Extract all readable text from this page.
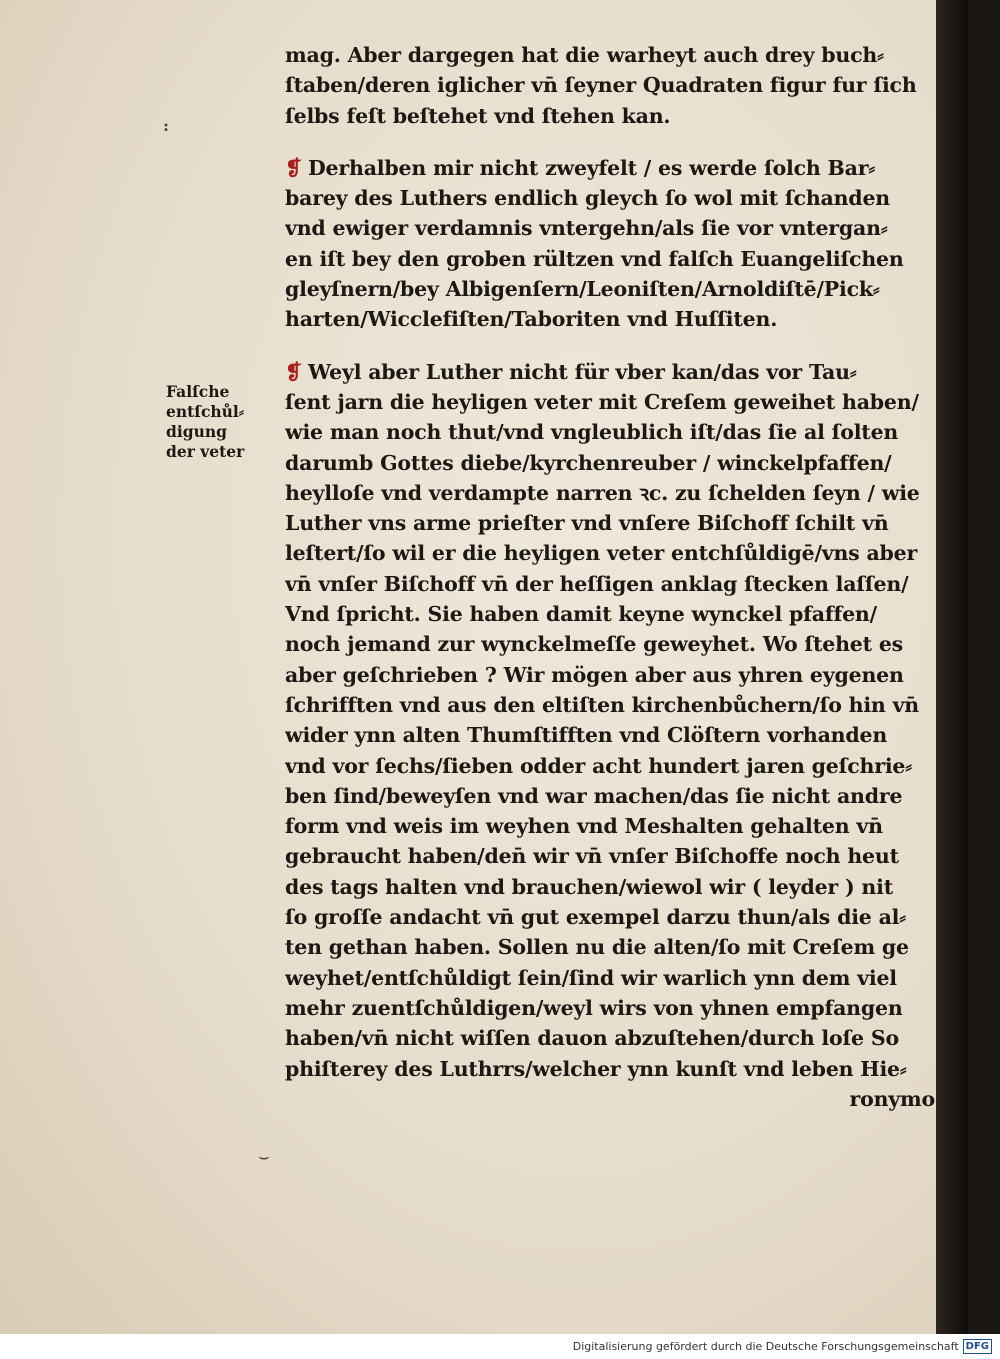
꞉
Falſche
entſchůl⸗
digung
der veter
mag. Aber dargegen hat die warheyt auch drey buch⸗
ſtaben/deren iglicher vn̄ ſeyner Quadraten figur fur ſich
ſelbs feſt beſtehet vnd ſtehen kan.
❡ Derhalben mir nicht zweyfelt / es werde ſolch Bar⸗
barey des Luthers endlich gleych ſo wol mit ſchanden
vnd ewiger verdamnis vntergehn/als ſie vor vntergan⸗
en iſt bey den groben rültzen vnd falſch Euangeliſchen
gleyſnern/bey Albigenſern/Leoniſten/Arnoldiſtē/Pick⸗
harten/Wicclefiſten/Taboriten vnd Huſſiten.
❡ Weyl aber Luther nicht für vber kan/das vor Tau⸗
ſent jarn die heyligen veter mit Creſem geweihet haben/
wie man noch thut/vnd vngleublich iſt/das ſie al ſolten
darumb Gottes diebe/kyrchenreuber / winckelpfaffen/
heylloſe vnd verdampte narren ꝛc. zu ſchelden ſeyn / wie
Luther vns arme prieſter vnd vnſere Biſchoff ſchilt vn̄
leſtert/ſo wil er die heyligen veter entchſůldigē/vns aber
vn̄ vnſer Biſchoff vn̄ der heſſigen anklag ſtecken laſſen/
Vnd ſpricht. Sie haben damit keyne wynckel pfaffen/
noch jemand zur wynckelmeſſe geweyhet. Wo ſtehet es
aber geſchrieben ? Wir mögen aber aus yhren eygenen
ſchrifften vnd aus den eltiſten kirchenbůchern/ſo hin vn̄
wider ynn alten Thumſtifften vnd Clöſtern vorhanden
vnd vor ſechs/ſieben odder acht hundert jaren geſchrie⸗
ben ſind/beweyſen vnd war machen/das ſie nicht andre
form vnd weis im weyhen vnd Meshalten gehalten vn̄
gebraucht haben/den̄ wir vn̄ vnſer Biſchoffe noch heut
des tags halten vnd brauchen/wiewol wir ( leyder ) nit
ſo groſſe andacht vn̄ gut exempel darzu thun/als die al⸗
ten gethan haben. Sollen nu die alten/ſo mit Creſem ge
weyhet/entſchůldigt ſein/ſind wir warlich ynn dem viel
mehr zuentſchůldigen/weyl wirs von yhnen empfangen
haben/vn̄ nicht wiſſen dauon abzuſtehen/durch loſe So
phiſterey des Luthrrs/welcher ynn kunſt vnd leben Hie⸗
ronymo
⌣
Digitalisierung gefördert durch die Deutsche Forschungsgemeinschaft DFG
